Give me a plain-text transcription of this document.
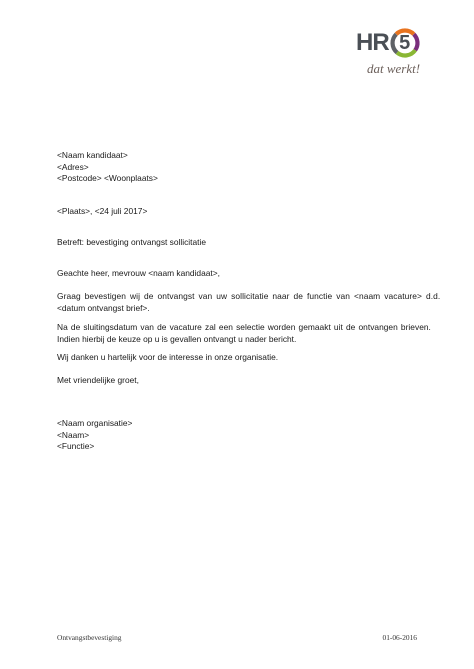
HR 5
dat werkt!
<Naam kandidaat>
<Adres>
<Postcode> <Woonplaats>
<Plaats>, <24 juli 2017>
Betreft: bevestiging ontvangst sollicitatie
Geachte heer, mevrouw <naam kandidaat>,
Graag bevestigen wij de ontvangst van uw sollicitatie naar de functie van <naam vacature> d.d.
<datum ontvangst brief>.
Na de sluitingsdatum van de vacature zal een selectie worden gemaakt uit de ontvangen brieven.
Indien hierbij de keuze op u is gevallen ontvangt u nader bericht.
Wij danken u hartelijk voor de interesse in onze organisatie.
Met vriendelijke groet,
<Naam organisatie>
<Naam>
<Functie>
Ontvangstbevestiging	01-06-2016
